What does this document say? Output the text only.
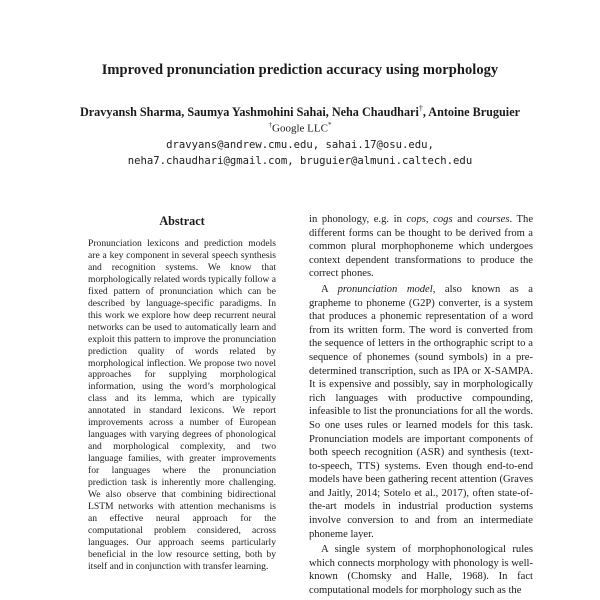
Improved pronunciation prediction accuracy using morphology
Dravyansh Sharma, Saumya Yashmohini Sahai, Neha Chaudhari†, Antoine Bruguier
†Google LLC*
dravyans@andrew.cmu.edu, sahai.17@osu.edu,
neha7.chaudhari@gmail.com, bruguier@almuni.caltech.edu
Abstract

Pronunciation lexicons and prediction models are a key component in several speech synthesis and recognition systems. We know that morphologically related words typically follow a fixed pattern of pronunciation which can be described by language-specific paradigms. In this work we explore how deep recurrent neural networks can be used to automatically learn and exploit this pattern to improve the pronunciation prediction quality of words related by morphological inflection. We propose two novel approaches for supplying morphological information, using the word’s morphological class and its lemma, which are typically annotated in standard lexicons. We report improvements across a number of European languages with varying degrees of phonological and morphological complexity, and two language families, with greater improvements for languages where the pronunciation prediction task is inherently more challenging. We also observe that combining bidirectional LSTM networks with attention mechanisms is an effective neural approach for the computational problem considered, across languages. Our approach seems particularly beneficial in the low resource setting, both by itself and in conjunction with transfer learning.

in phonology, e.g. in cops, cogs and courses. The different forms can be thought to be derived from a common plural morphophoneme which undergoes context dependent transformations to produce the correct phones.

A pronunciation model, also known as a grapheme to phoneme (G2P) converter, is a system that produces a phonemic representation of a word from its written form. The word is converted from the sequence of letters in the orthographic script to a sequence of phonemes (sound symbols) in a pre-determined transcription, such as IPA or X-SAMPA. It is expensive and possibly, say in morphologically rich languages with productive compounding, infeasible to list the pronunciations for all the words. So one uses rules or learned models for this task. Pronunciation models are important components of both speech recognition (ASR) and synthesis (text-to-speech, TTS) systems. Even though end-to-end models have been gathering recent attention (Graves and Jaitly, 2014; Sotelo et al., 2017), often state-of-the-art models in industrial production systems involve conversion to and from an intermediate phoneme layer.

A single system of morphophonological rules which connects morphology with phonology is well-known (Chomsky and Halle, 1968). In fact computational models for morphology such as the
